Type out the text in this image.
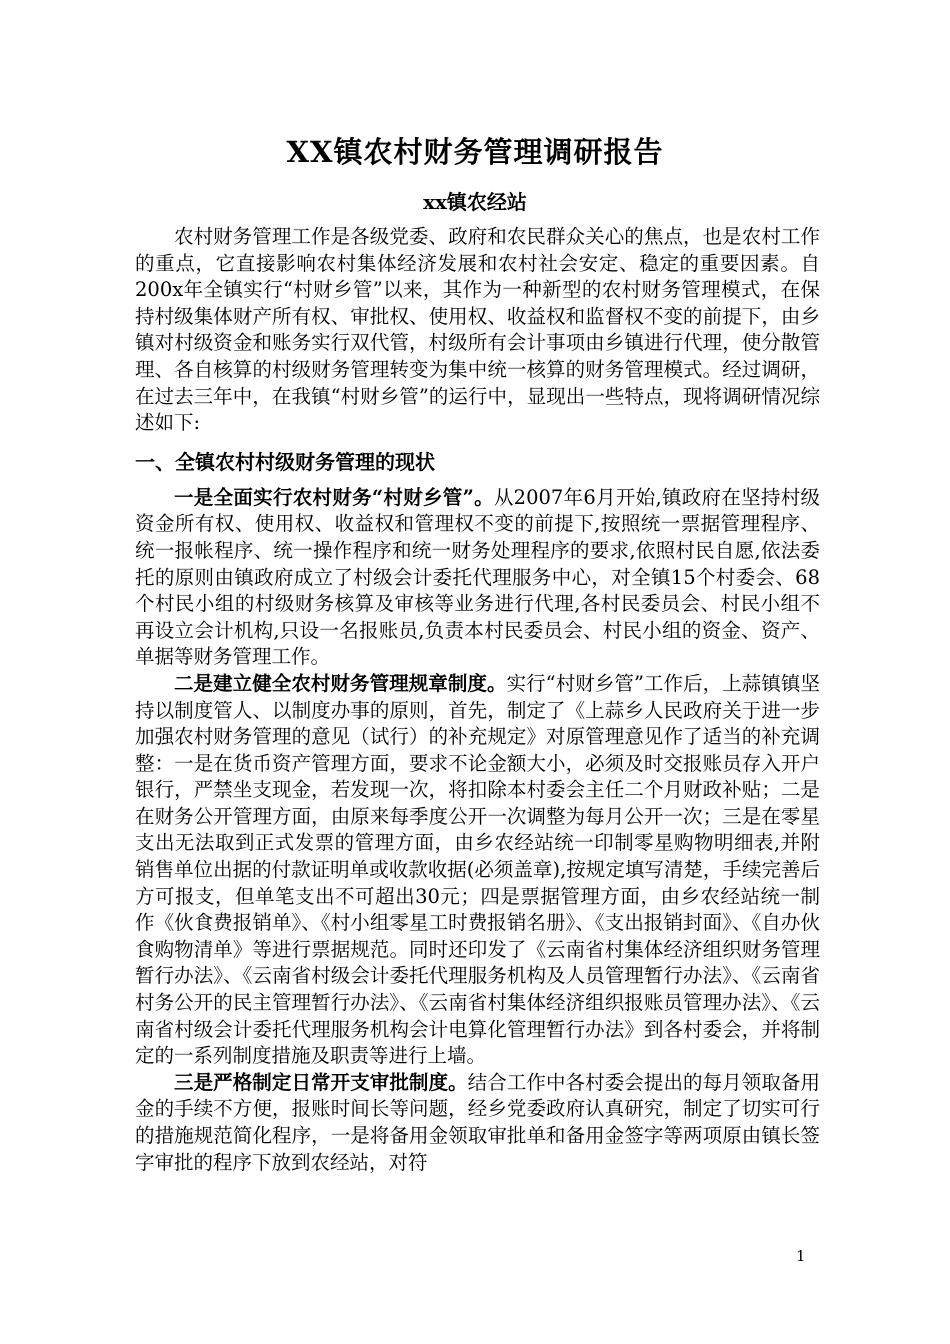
XX镇农村财务管理调研报告

xx镇农经站

农村财务管理工作是各级党委、政府和农民群众关心的焦点，也是农村工作的重点，它直接影响农村集体经济发展和农村社会安定、稳定的重要因素。自200x年全镇实行“村财乡管”以来，其作为一种新型的农村财务管理模式，在保持村级集体财产所有权、审批权、使用权、收益权和监督权不变的前提下，由乡镇对村级资金和账务实行双代管，村级所有会计事项由乡镇进行代理，使分散管理、各自核算的村级财务管理转变为集中统一核算的财务管理模式。经过调研，在过去三年中，在我镇“村财乡管”的运行中，显现出一些特点，现将调研情况综述如下:

一、全镇农村村级财务管理的现状

一是全面实行农村财务“村财乡管”。从2007年6月开始,镇政府在坚持村级资金所有权、使用权、收益权和管理权不变的前提下,按照统一票据管理程序、统一报帐程序、统一操作程序和统一财务处理程序的要求,依照村民自愿,依法委托的原则由镇政府成立了村级会计委托代理服务中心，对全镇15个村委会、68个村民小组的村级财务核算及审核等业务进行代理,各村民委员会、村民小组不再设立会计机构,只设一名报账员,负责本村民委员会、村民小组的资金、资产、单据等财务管理工作。

二是建立健全农村财务管理规章制度。实行“村财乡管”工作后，上蒜镇镇坚持以制度管人、以制度办事的原则，首先，制定了《上蒜乡人民政府关于进一步加强农村财务管理的意见（试行）的补充规定》对原管理意见作了适当的补充调整：一是在货币资产管理方面，要求不论金额大小，必须及时交报账员存入开户银行，严禁坐支现金，若发现一次，将扣除本村委会主任二个月财政补贴；二是在财务公开管理方面，由原来每季度公开一次调整为每月公开一次；三是在零星支出无法取到正式发票的管理方面，由乡农经站统一印制零星购物明细表,并附销售单位出据的付款证明单或收款收据(必须盖章),按规定填写清楚，手续完善后方可报支，但单笔支出不可超出30元；四是票据管理方面，由乡农经站统一制作《伙食费报销单》、《村小组零星工时费报销名册》、《支出报销封面》、《自办伙食购物清单》等进行票据规范。同时还印发了《云南省村集体经济组织财务管理暂行办法》、《云南省村级会计委托代理服务机构及人员管理暂行办法》、《云南省村务公开的民主管理暂行办法》、《云南省村集体经济组织报账员管理办法》、《云南省村级会计委托代理服务机构会计电算化管理暂行办法》到各村委会，并将制定的一系列制度措施及职责等进行上墙。

三是严格制定日常开支审批制度。结合工作中各村委会提出的每月领取备用金的手续不方便，报账时间长等问题，经乡党委政府认真研究，制定了切实可行的措施规范简化程序，一是将备用金领取审批单和备用金签字等两项原由镇长签字审批的程序下放到农经站，对符

1
